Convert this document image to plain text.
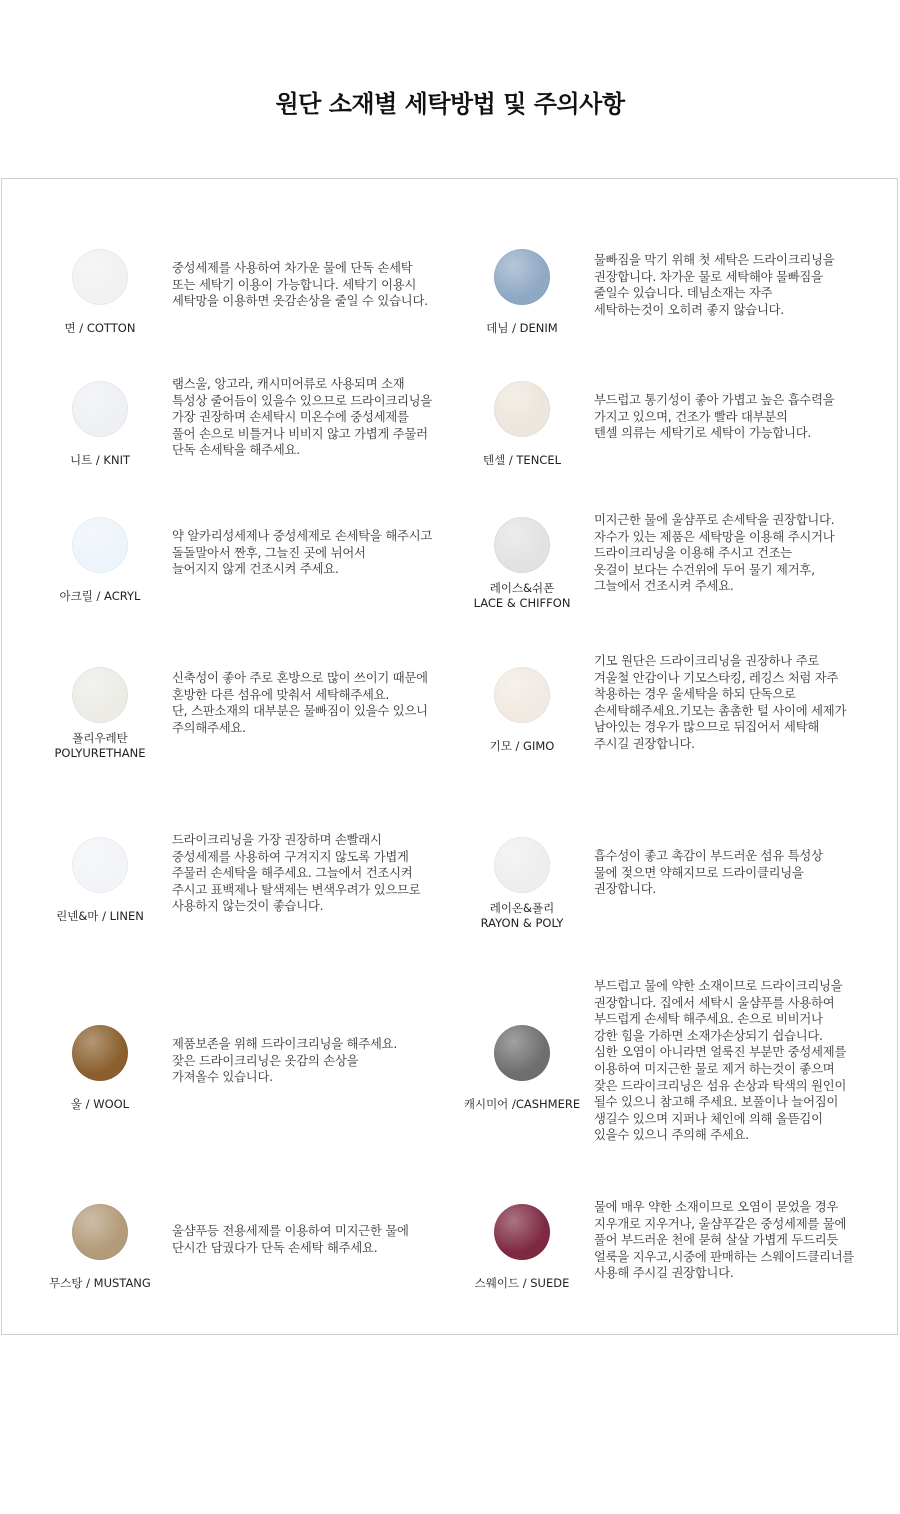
원단 소재별 세탁방법 및 주의사항
면 / COTTON
중성세제를 사용하여 차가운 물에 단독 손세탁
또는 세탁기 이용이 가능합니다. 세탁기 이용시
세탁망을 이용하면 옷감손상을 줄일 수 있습니다.
데님 / DENIM
물빠짐을 막기 위해 첫 세탁은 드라이크리닝을
권장합니다. 차가운 물로 세탁해야 물빠짐을
줄일수 있습니다. 데님소재는 자주
세탁하는것이 오히려 좋지 않습니다.
니트 / KNIT
램스울, 앙고라, 캐시미어류로 사용되며 소재
특성상 줄어듬이 있을수 있으므로 드라이크리닝을
가장 권장하며 손세탁시 미온수에 중성세제를
풀어 손으로 비틀거나 비비지 않고 가볍게 주물러
단독 손세탁을 해주세요.
텐셀 / TENCEL
부드럽고 통기성이 좋아 가볍고 높은 흡수력을
가지고 있으며, 건조가 빨라 대부분의
텐셀 의류는 세탁기로 세탁이 가능합니다.
아크릴 / ACRYL
약 알카리성세제나 중성세제로 손세탁을 해주시고
돌돌말아서 짠후, 그늘진 곳에 뉘어서
늘어지지 않게 건조시켜 주세요.
레이스&쉬폰
LACE & CHIFFON
미지근한 물에 울샴푸로 손세탁을 권장합니다.
자수가 있는 제품은 세탁망을 이용해 주시거나
드라이크리닝을 이용해 주시고 건조는
옷걸이 보다는 수건위에 두어 물기 제거후,
그늘에서 건조시켜 주세요.
폴리우레탄
POLYURETHANE
신축성이 좋아 주로 혼방으로 많이 쓰이기 때문에
혼방한 다른 섬유에 맞춰서 세탁해주세요.
단, 스판소재의 대부분은 물빠짐이 있을수 있으니
주의해주세요.
기모 / GIMO
기모 원단은 드라이크리닝을 권장하나 주로
겨울철 안감이나 기모스타킹, 레깅스 처럼 자주
착용하는 경우 울세탁을 하되 단독으로
손세탁해주세요.기모는 촘촘한 털 사이에 세제가
남아있는 경우가 많으므로 뒤집어서 세탁해
주시길 권장합니다.
린넨&마 / LINEN
드라이크리닝을 가장 권장하며 손빨래시
중성세제를 사용하여 구겨지지 않도록 가볍게
주물러 손세탁을 해주세요. 그늘에서 건조시켜
주시고 표백제나 탈색제는 변색우려가 있으므로
사용하지 않는것이 좋습니다.	레이온&폴리
RAYON & POLY
흡수성이 좋고 촉감이 부드러운 섬유 특성상
물에 젖으면 약해지므로 드라이클리닝을
권장합니다.
울 / WOOL
제품보존을 위해 드라이크리닝을 해주세요.
잦은 드라이크리닝은 옷감의 손상을
가져올수 있습니다.
캐시미어 /CASHMERE
부드럽고 물에 약한 소재이므로 드라이크리닝을
권장합니다. 집에서 세탁시 울샴푸를 사용하여
부드럽게 손세탁 해주세요. 손으로 비비거나
강한 힘을 가하면 소재가손상되기 쉽습니다.
심한 오염이 아니라면 얼룩진 부분만 중성세제를
이용하여 미지근한 물로 제거 하는것이 좋으며
잦은 드라이크리닝은 섬유 손상과 탁색의 원인이
될수 있으니 참고해 주세요. 보풀이나 늘어짐이
생길수 있으며 지퍼나 체인에 의해 올뜯김이
있을수 있으니 주의해 주세요.
무스탕 / MUSTANG
울샴푸등 전용세제를 이용하여 미지근한 물에
단시간 담궜다가 단독 손세탁 해주세요.
스웨이드 / SUEDE
물에 매우 약한 소재이므로 오염이 묻었을 경우
지우개로 지우거나, 울샴푸같은 중성세제를 물에
풀어 부드러운 천에 묻혀 살살 가볍게 두드리듯
얼룩을 지우고,시중에 판매하는 스웨이드클리너를
사용해 주시길 권장합니다.
